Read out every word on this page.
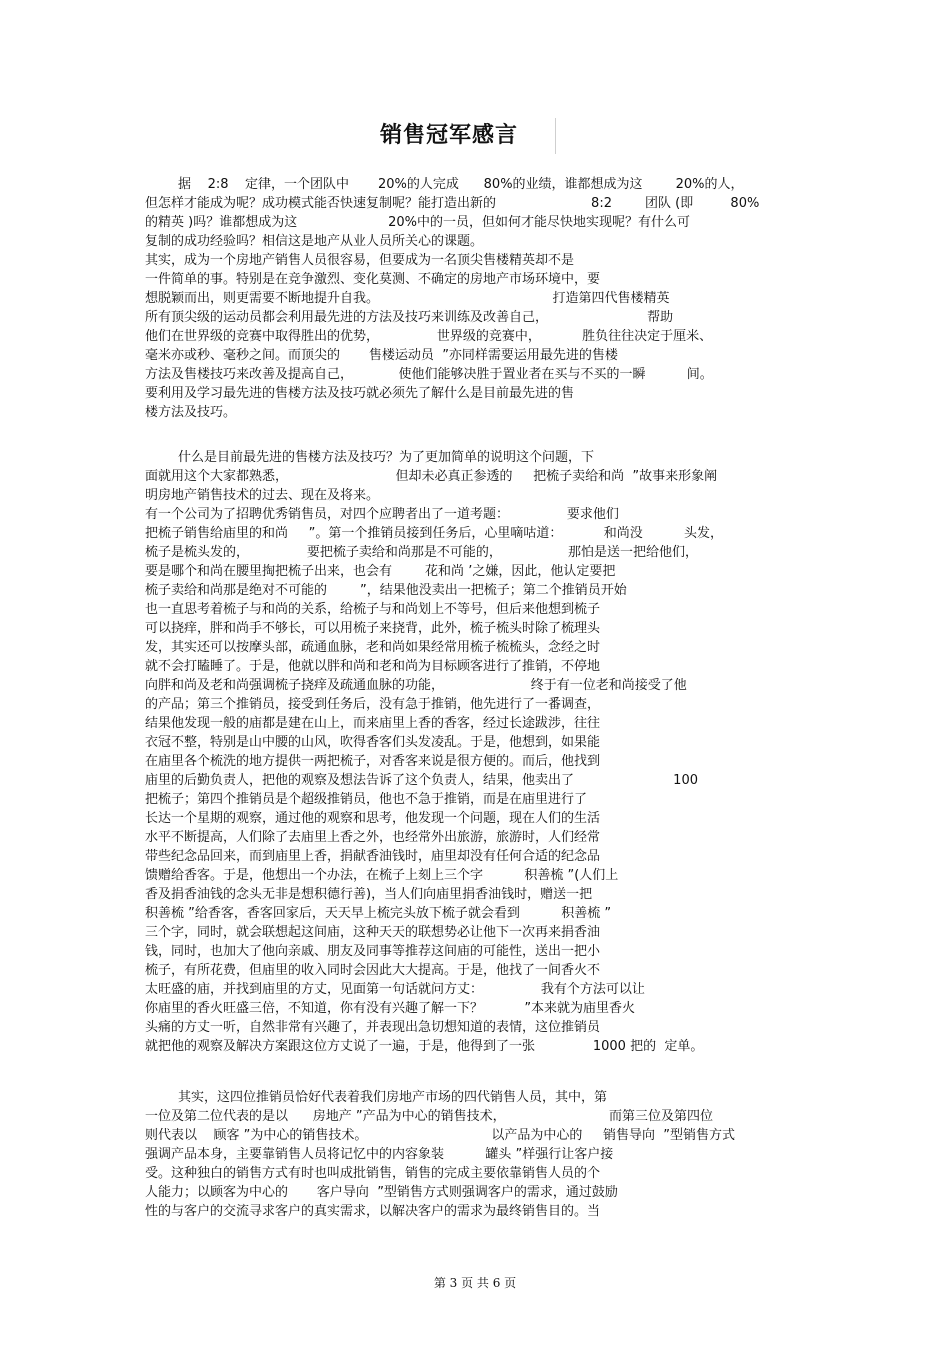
销售冠军感言
据    2:8    定律，一个团队中       20%的人完成      80%的业绩，谁都想成为这        20%的人，
但怎样才能成为呢？成功模式能否快速复制呢？能打造出新的                       8:2        团队 (即         80%
的精英 )吗？谁都想成为这                      20%中的一员，但如何才能尽快地实现呢？有什么可
复制的成功经验吗？相信这是地产从业人员所关心的课题。
其实，成为一个房地产销售人员很容易，但要成为一名顶尖售楼精英却不是
一件简单的事。特别是在竞争激烈、变化莫测、不确定的房地产市场环境中，要
想脱颖而出，则更需要不断地提升自我。                                          打造第四代售楼精英
所有顶尖级的运动员都会利用最先进的方法及技巧来训练及改善自己，                        帮助
他们在世界级的竞赛中取得胜出的优势，              世界级的竞赛中，          胜负往往决定于厘米、
毫米亦或秒、毫秒之间。而顶尖的       售楼运动员  ”亦同样需要运用最先进的售楼
方法及售楼技巧来改善及提高自己，           使他们能够决胜于置业者在买与不买的一瞬          间。
要利用及学习最先进的售楼方法及技巧就必须先了解什么是目前最先进的售
楼方法及技巧。
什么是目前最先进的售楼方法及技巧？为了更加简单的说明这个问题，下
面就用这个大家都熟悉，                          但却未必真正参透的     把梳子卖给和尚  ”故事来形象阐
明房地产销售技术的过去、现在及将来。
有一个公司为了招聘优秀销售员，对四个应聘者出了一道考题：              要求他们
把梳子销售给庙里的和尚     ”。第一个推销员接到任务后，心里嘀咕道：          和尚没          头发，
梳子是梳头发的，              要把梳子卖给和尚那是不可能的，                那怕是送一把给他们，
要是哪个和尚在腰里掏把梳子出来，也会有        花和尚 ’之嫌，因此，他认定要把
梳子卖给和尚那是绝对不可能的        ”，结果他没卖出一把梳子；第二个推销员开始
也一直思考着梳子与和尚的关系，给梳子与和尚划上不等号，但后来他想到梳子
可以挠痒，胖和尚手不够长，可以用梳子来挠背，此外，梳子梳头时除了梳理头
发，其实还可以按摩头部，疏通血脉，老和尚如果经常用梳子梳梳头，念经之时
就不会打瞌睡了。于是，他就以胖和尚和老和尚为目标顾客进行了推销，不停地
向胖和尚及老和尚强调梳子挠痒及疏通血脉的功能，                     终于有一位老和尚接受了他
的产品；第三个推销员，接受到任务后，没有急于推销，他先进行了一番调查，
结果他发现一般的庙都是建在山上，而来庙里上香的香客，经过长途跋涉，往往
衣冠不整，特别是山中腰的山风，吹得香客们头发凌乱。于是，他想到，如果能
在庙里各个梳洗的地方提供一两把梳子，对香客来说是很方便的。而后，他找到
庙里的后勤负责人，把他的观察及想法告诉了这个负责人，结果，他卖出了                        100
把梳子；第四个推销员是个超级推销员，他也不急于推销，而是在庙里进行了
长达一个星期的观察，通过他的观察和思考，他发现一个问题，现在人们的生活
水平不断提高，人们除了去庙里上香之外，也经常外出旅游，旅游时，人们经常
带些纪念品回来，而到庙里上香，捐献香油钱时，庙里却没有任何合适的纪念品
馈赠给香客。于是，他想出一个办法，在梳子上刻上三个字          积善梳 ”(人们上
香及捐香油钱的念头无非是想积德行善)，当人们向庙里捐香油钱时，赠送一把
积善梳 ”给香客，香客回家后，天天早上梳完头放下梳子就会看到          积善梳 ”
三个字，同时，就会联想起这间庙，这种天天的联想势必让他下一次再来捐香油
钱，同时，也加大了他向亲戚、朋友及同事等推荐这间庙的可能性，送出一把小
梳子，有所花费，但庙里的收入同时会因此大大提高。于是，他找了一间香火不
太旺盛的庙，并找到庙里的方丈，见面第一句话就问方丈：              我有个方法可以让
你庙里的香火旺盛三倍，不知道，你有没有兴趣了解一下？          ”本来就为庙里香火
头痛的方丈一听，自然非常有兴趣了，并表现出急切想知道的表情，这位推销员
就把他的观察及解决方案跟这位方丈说了一遍，于是，他得到了一张              1000 把的  定单。
其实，这四位推销员恰好代表着我们房地产市场的四代销售人员，其中，第
一位及第二位代表的是以      房地产 ”产品为中心的销售技术，                         而第三位及第四位
则代表以    顾客 ”为中心的销售技术。                              以产品为中心的     销售导向  ”型销售方式
强调产品本身，主要靠销售人员将记忆中的内容象装          罐头 ”样强行让客户接
受。这种独白的销售方式有时也叫成批销售，销售的完成主要依靠销售人员的个
人能力；以顾客为中心的       客户导向  ”型销售方式则强调客户的需求，通过鼓励
性的与客户的交流寻求客户的真实需求，以解决客户的需求为最终销售目的。当
第 3 页 共 6 页
